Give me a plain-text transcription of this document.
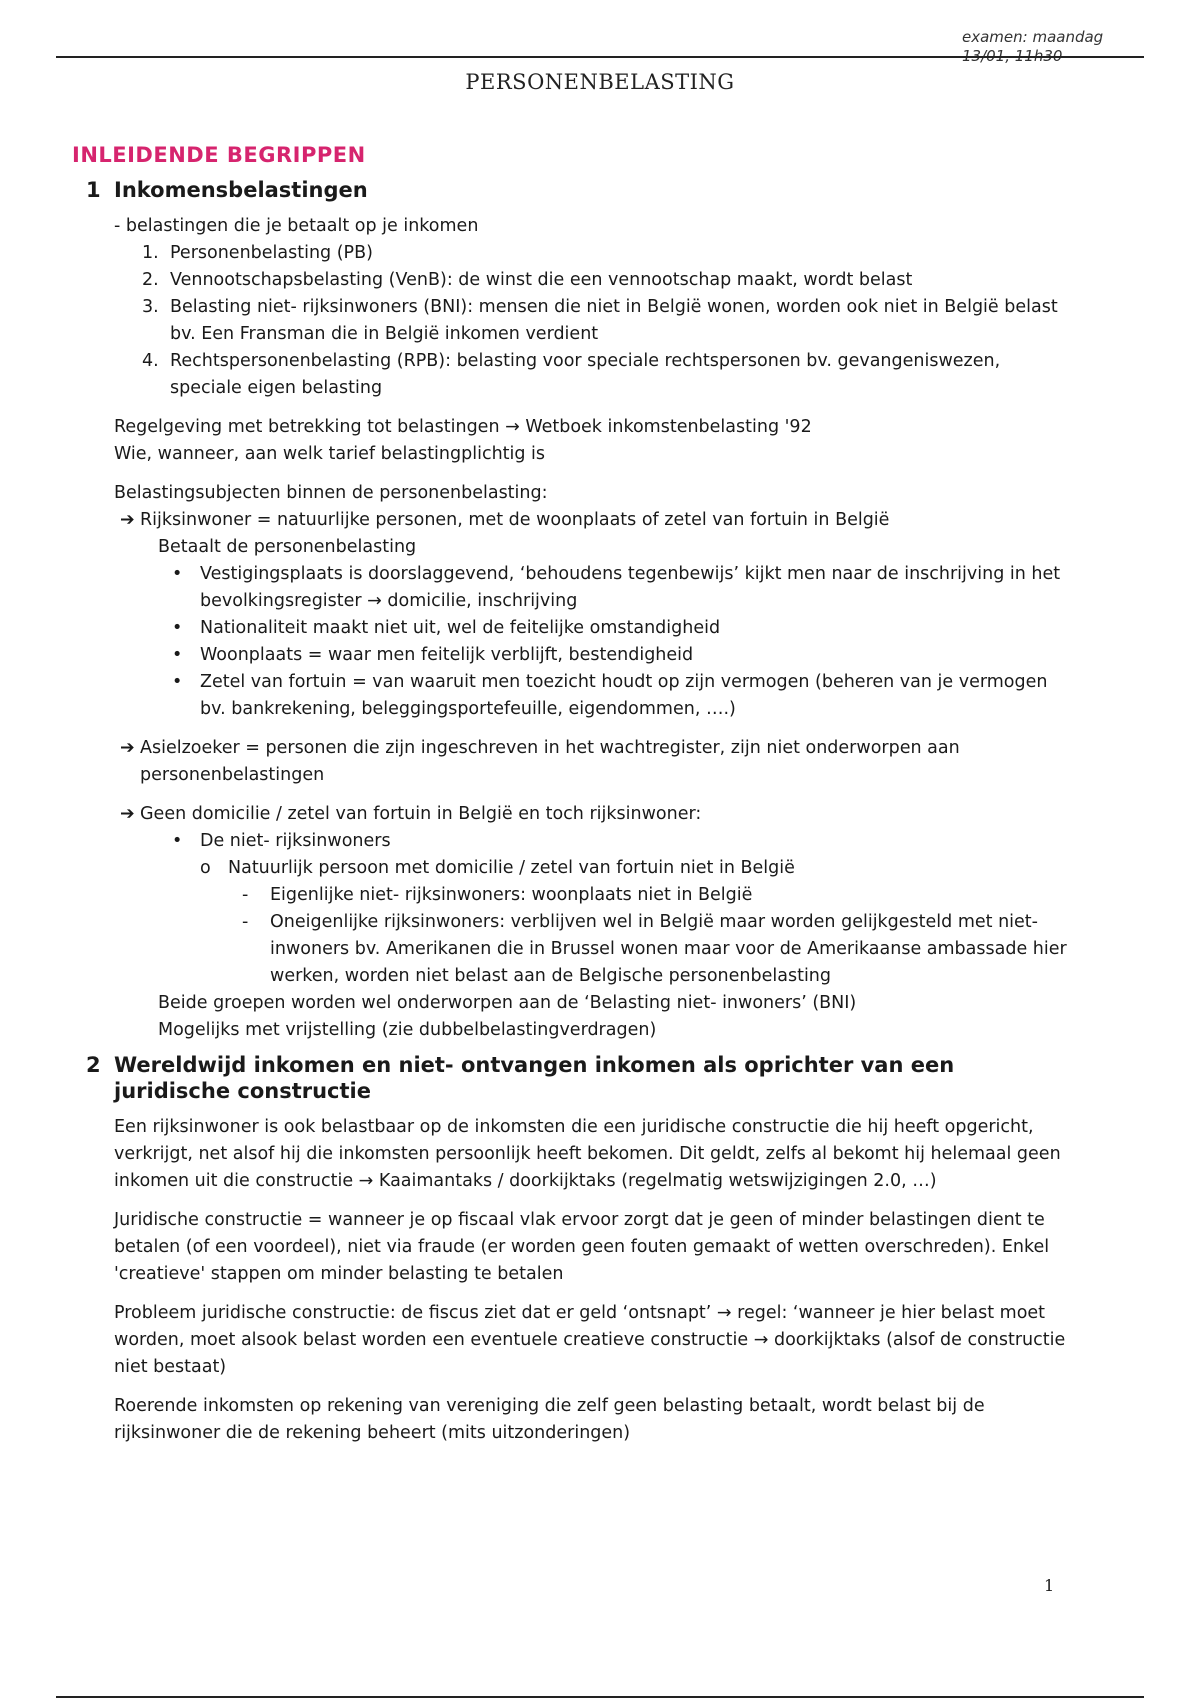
examen: maandag 13/01, 11h30
PERSONENBELASTING
INLEIDENDE BEGRIPPEN
1 Inkomensbelastingen
- belastingen die je betaalt op je inkomen
1. Personenbelasting (PB)
2. Vennootschapsbelasting (VenB): de winst die een vennootschap maakt, wordt belast
3. Belasting niet- rijksinwoners (BNI): mensen die niet in België wonen, worden ook niet in België belast bv. Een Fransman die in België inkomen verdient
4. Rechtspersonenbelasting (RPB): belasting voor speciale rechtspersonen bv. gevangeniswezen, speciale eigen belasting
Regelgeving met betrekking tot belastingen → Wetboek inkomstenbelasting '92
Wie, wanneer, aan welk tarief belastingplichtig is
Belastingsubjecten binnen de personenbelasting:
➔ Rijksinwoner = natuurlijke personen, met de woonplaats of zetel van fortuin in België
Betaalt de personenbelasting
•	Vestigingsplaats is doorslaggevend, ‘behoudens tegenbewijs’ kijkt men naar de inschrijving in het bevolkingsregister → domicilie, inschrijving
•	Nationaliteit maakt niet uit, wel de feitelijke omstandigheid
•	Woonplaats = waar men feitelijk verblijft, bestendigheid
•	Zetel van fortuin = van waaruit men toezicht houdt op zijn vermogen (beheren van je vermogen bv. bankrekening, beleggingsportefeuille, eigendommen, ….)
➔ Asielzoeker = personen die zijn ingeschreven in het wachtregister, zijn niet onderworpen aan personenbelastingen
➔ Geen domicilie / zetel van fortuin in België en toch rijksinwoner:
•	De niet- rijksinwoners
o Natuurlijk persoon met domicilie / zetel van fortuin niet in België
-	Eigenlijke niet- rijksinwoners: woonplaats niet in België
-	Oneigenlijke rijksinwoners: verblijven wel in België maar worden gelijkgesteld met niet- inwoners bv. Amerikanen die in Brussel wonen maar voor de Amerikaanse ambassade hier werken, worden niet belast aan de Belgische personenbelasting
Beide groepen worden wel onderworpen aan de ‘Belasting niet- inwoners’ (BNI)
Mogelijks met vrijstelling (zie dubbelbelastingverdragen)
2 Wereldwijd inkomen en niet- ontvangen inkomen als oprichter van een juridische constructie
Een rijksinwoner is ook belastbaar op de inkomsten die een juridische constructie die hij heeft opgericht, verkrijgt, net alsof hij die inkomsten persoonlijk heeft bekomen. Dit geldt, zelfs al bekomt hij helemaal geen inkomen uit die constructie → Kaaimantaks / doorkijktaks (regelmatig wetswijzigingen 2.0, …)
Juridische constructie = wanneer je op fiscaal vlak ervoor zorgt dat je geen of minder belastingen dient te betalen (of een voordeel), niet via fraude (er worden geen fouten gemaakt of wetten overschreden). Enkel 'creatieve' stappen om minder belasting te betalen
Probleem juridische constructie: de fiscus ziet dat er geld ‘ontsnapt’ → regel: ‘wanneer je hier belast moet worden, moet alsook belast worden een eventuele creatieve constructie → doorkijktaks (alsof de constructie niet bestaat)
Roerende inkomsten op rekening van vereniging die zelf geen belasting betaalt, wordt belast bij de rijksinwoner die de rekening beheert (mits uitzonderingen)
1
